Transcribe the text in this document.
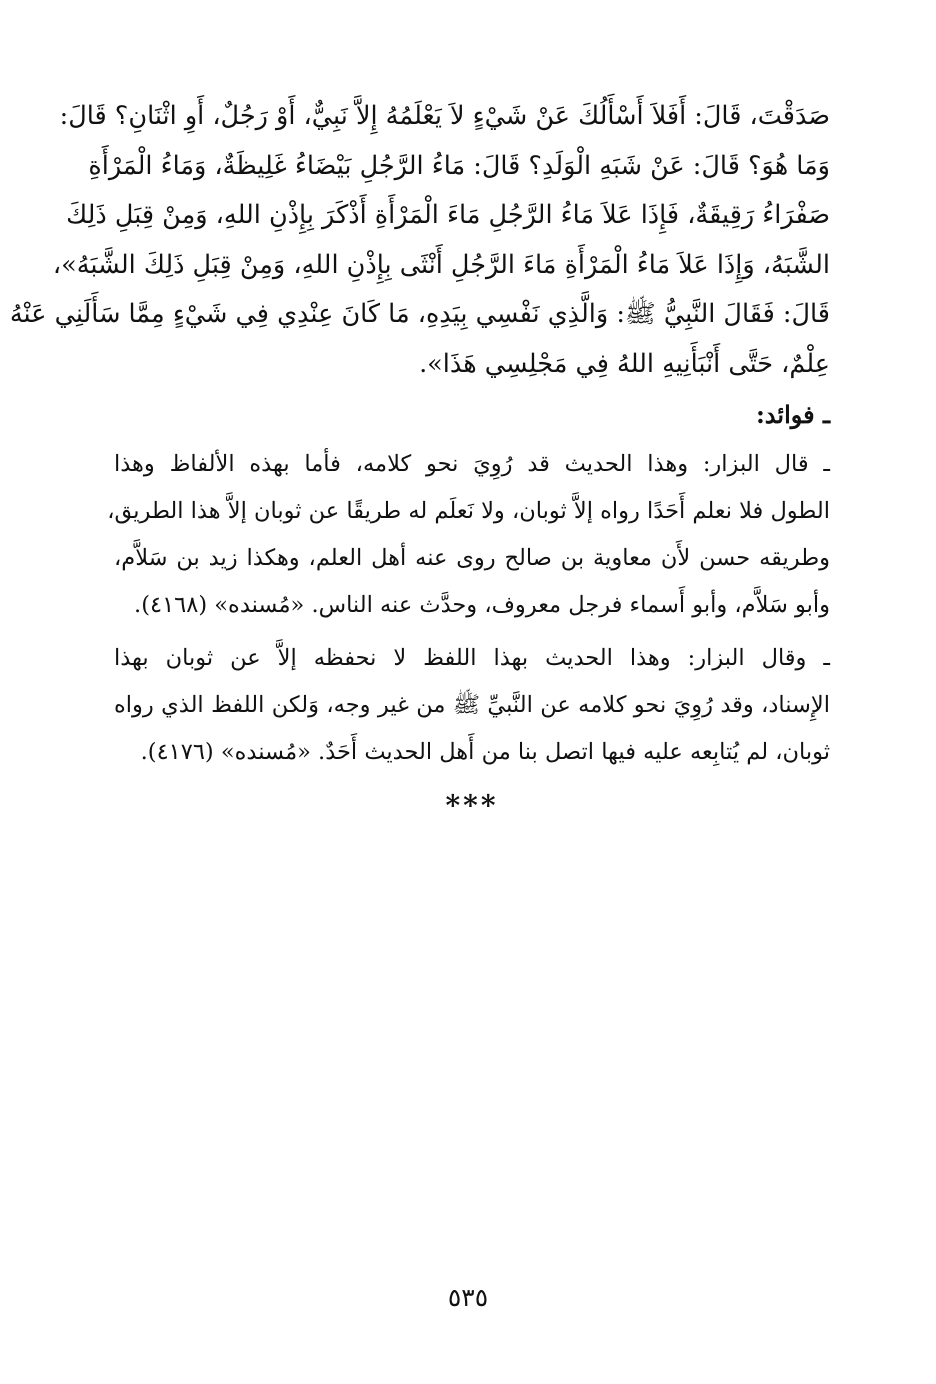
صَدَقْتَ، قَالَ: أَفَلاَ أَسْأَلُكَ عَنْ شَيْءٍ لاَ يَعْلَمُهُ إِلاَّ نَبِيٌّ، أَوْ رَجُلٌ، أَوِ اثْنَانِ؟ قَالَ:
وَمَا هُوَ؟ قَالَ: عَنْ شَبَهِ الْوَلَدِ؟ قَالَ: مَاءُ الرَّجُلِ بَيْضَاءُ غَلِيظَةٌ، وَمَاءُ الْمَرْأَةِ
صَفْرَاءُ رَقِيقَةٌ، فَإِذَا عَلاَ مَاءُ الرَّجُلِ مَاءَ الْمَرْأَةِ أَذْكَرَ بِإِذْنِ اللهِ، وَمِنْ قِبَلِ ذَلِكَ
الشَّبَهُ، وَإِذَا عَلاَ مَاءُ الْمَرْأَةِ مَاءَ الرَّجُلِ أَنْثَى بِإِذْنِ اللهِ، وَمِنْ قِبَلِ ذَلِكَ الشَّبَهُ»،
قَالَ: فَقَالَ النَّبِيُّ ﷺ: وَالَّذِي نَفْسِي بِيَدِهِ، مَا كَانَ عِنْدِي فِي شَيْءٍ مِمَّا سَأَلَنِي عَنْهُ
عِلْمٌ، حَتَّى أَنْبَأَنِيهِ اللهُ فِي مَجْلِسِي هَذَا».
ـ فوائد:
ـ قال البزار: وهذا الحديث قد رُوِيَ نحو كلامه، فأما بهذه الألفاظ وهذا
الطول فلا نعلم أَحَدًا رواه إلاَّ ثوبان، ولا نَعلَم له طريقًا عن ثوبان إلاَّ هذا الطريق،
وطريقه حسن لأَن معاوية بن صالح روى عنه أهل العلم، وهكذا زيد بن سَلاَّم،
وأبو سَلاَّم، وأبو أَسماء فرجل معروف، وحدَّث عنه الناس. «مُسنده» (٤١٦٨).
ـ وقال البزار: وهذا الحديث بهذا اللفظ لا نحفظه إلاَّ عن ثوبان بهذا
الإِسناد، وقد رُوِيَ نحو كلامه عن النَّبيِّ ﷺ من غير وجه، وَلكن اللفظ الذي رواه
ثوبان، لم يُتابِعه عليه فيها اتصل بنا من أَهل الحديث أَحَدٌ. «مُسنده» (٤١٧٦).
***
٥٣٥
